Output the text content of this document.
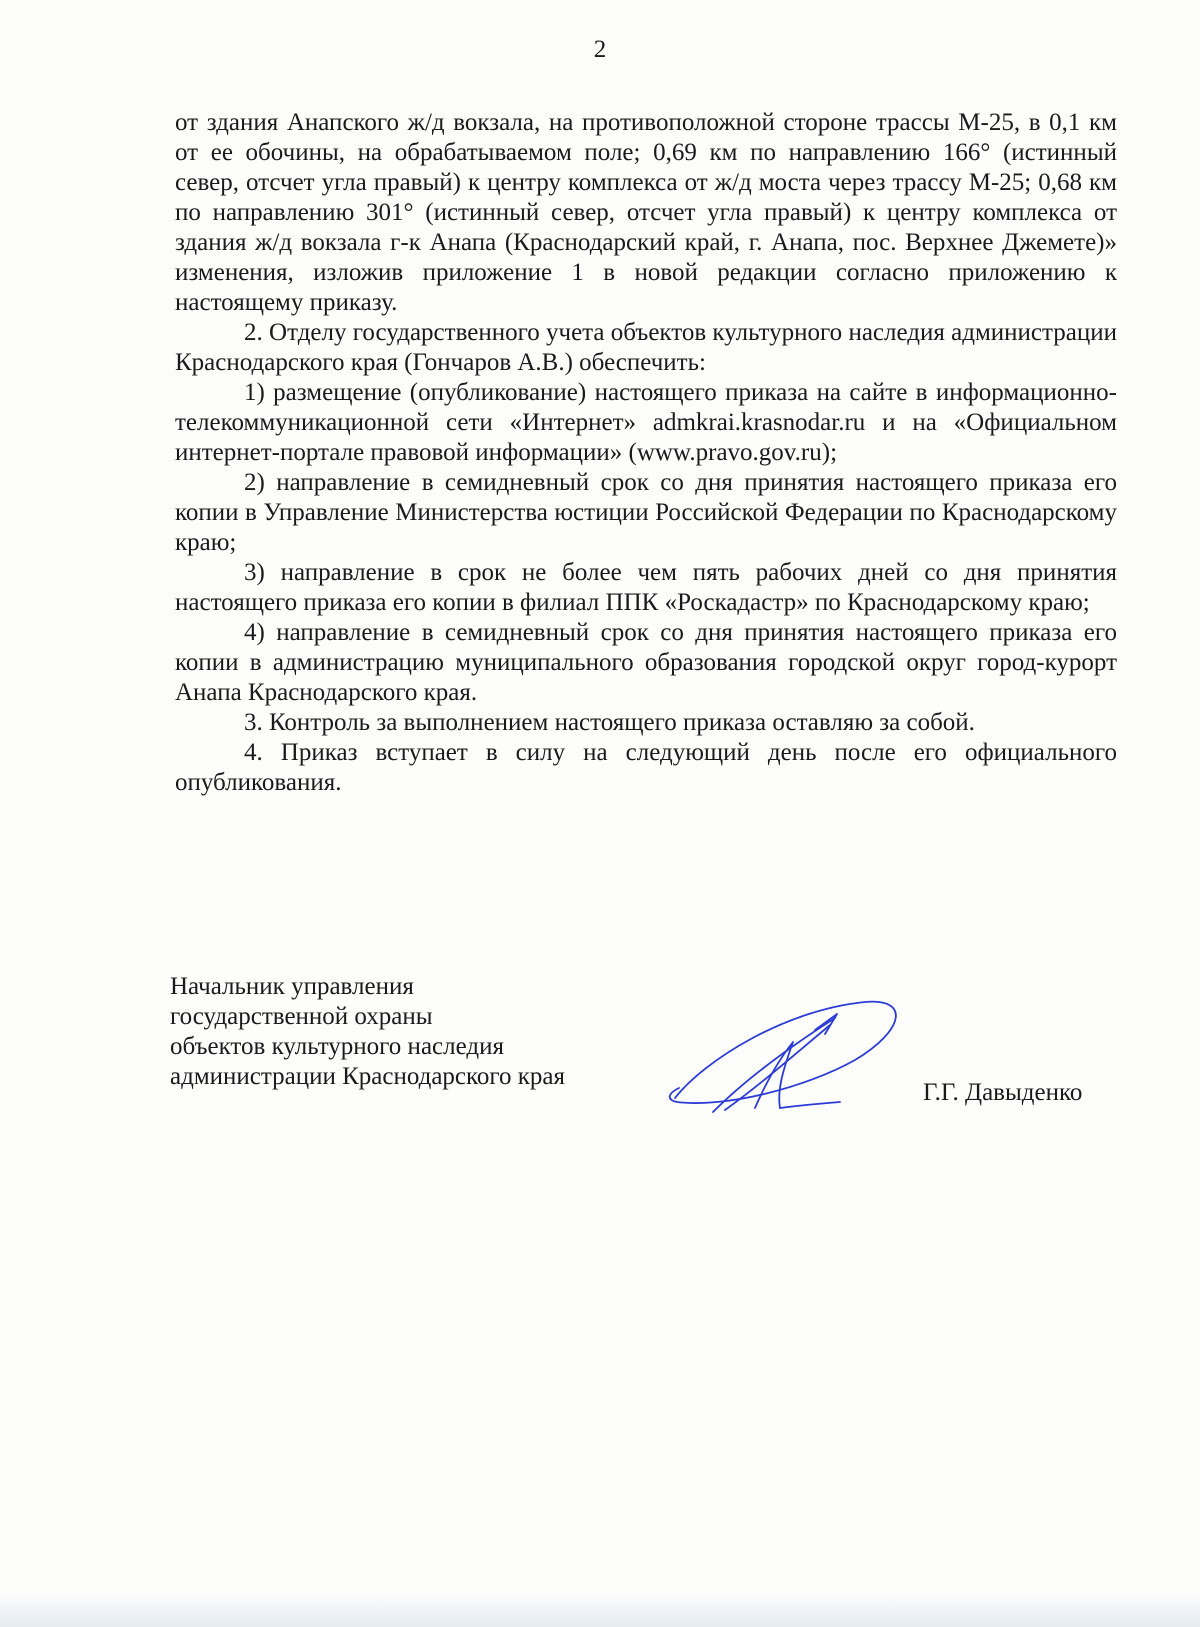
2

от здания Анапского ж/д вокзала, на противоположной стороне трассы М-25, в 0,1 км от ее обочины, на обрабатываемом поле; 0,69 км по направлению 166° (истинный север, отсчет угла правый) к центру комплекса от ж/д моста через трассу М-25; 0,68 км по направлению 301° (истинный север, отсчет угла правый) к центру комплекса от здания ж/д вокзала г-к Анапа (Краснодарский край, г. Анапа, пос. Верхнее Джемете)» изменения, изложив приложение 1 в новой редакции согласно приложению к настоящему приказу.

2. Отделу государственного учета объектов культурного наследия администрации Краснодарского края (Гончаров А.В.) обеспечить:

1) размещение (опубликование) настоящего приказа на сайте в информационно-телекоммуникационной сети «Интернет» admkrai.krasnodar.ru и на «Официальном интернет-портале правовой информации» (www.pravo.gov.ru);

2) направление в семидневный срок со дня принятия настоящего приказа его копии в Управление Министерства юстиции Российской Федерации по Краснодарскому краю;

3) направление в срок не более чем пять рабочих дней со дня принятия настоящего приказа его копии в филиал ППК «Роскадастр» по Краснодарскому краю;

4) направление в семидневный срок со дня принятия настоящего приказа его копии в администрацию муниципального образования городской округ город-курорт Анапа Краснодарского края.

3. Контроль за выполнением настоящего приказа оставляю за собой.

4. Приказ вступает в силу на следующий день после его официального опубликования.

Начальник управления
государственной охраны
объектов культурного наследия
администрации Краснодарского края
Г.Г. Давыденко
